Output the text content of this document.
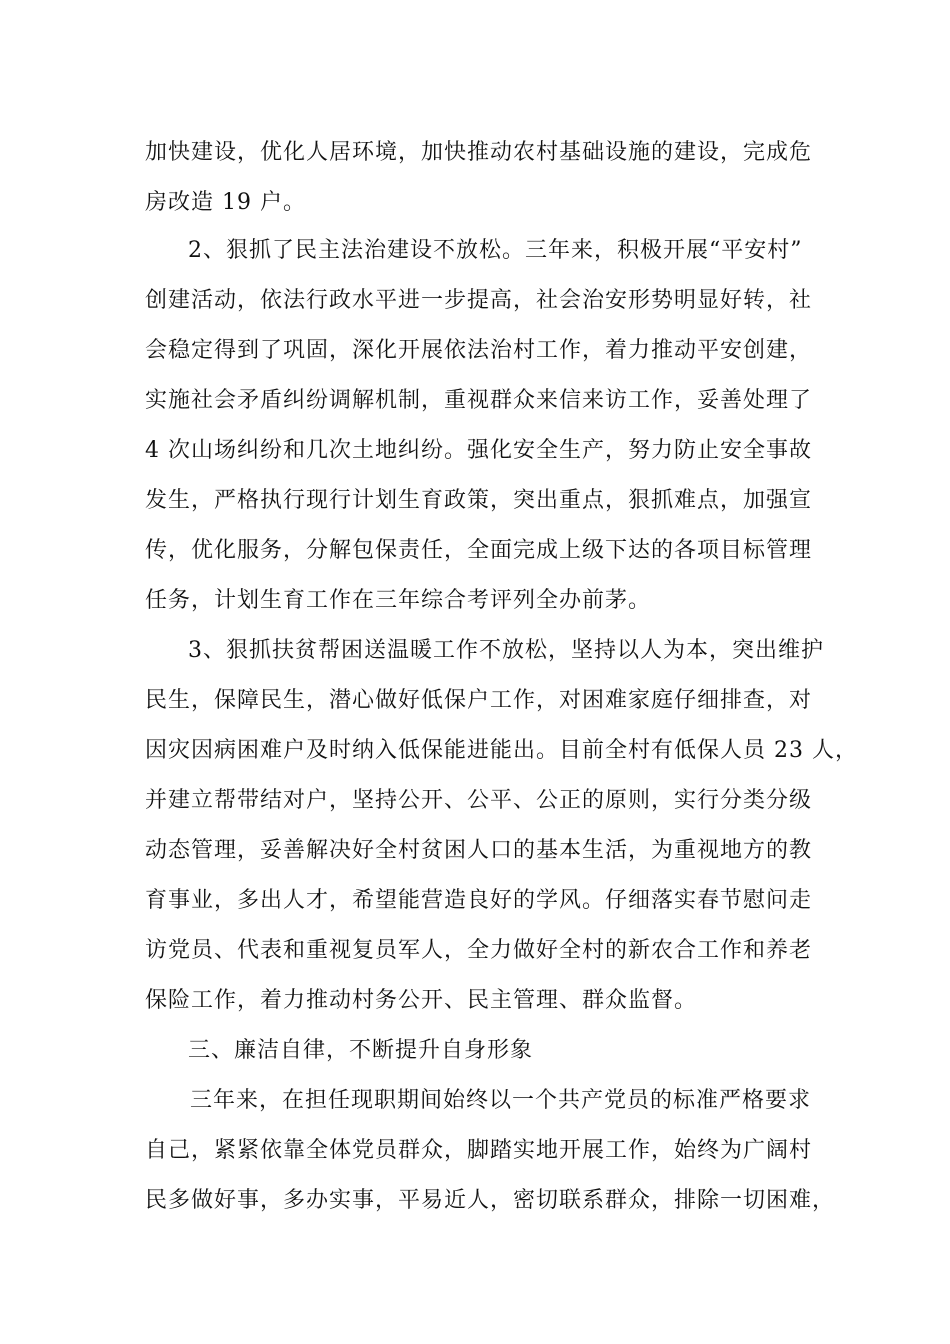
加快建设，优化人居环境，加快推动农村基础设施的建设，完成危
房改造 19 户。
2、狠抓了民主法治建设不放松。三年来，积极开展“平安村”
创建活动，依法行政水平进一步提高，社会治安形势明显好转，社
会稳定得到了巩固，深化开展依法治村工作，着力推动平安创建，
实施社会矛盾纠纷调解机制，重视群众来信来访工作，妥善处理了
4 次山场纠纷和几次土地纠纷。强化安全生产，努力防止安全事故
发生，严格执行现行计划生育政策，突出重点，狠抓难点，加强宣
传，优化服务，分解包保责任，全面完成上级下达的各项目标管理
任务，计划生育工作在三年综合考评列全办前茅。
3、狠抓扶贫帮困送温暖工作不放松，坚持以人为本，突出维护
民生，保障民生，潜心做好低保户工作，对困难家庭仔细排查，对
因灾因病困难户及时纳入低保能进能出。目前全村有低保人员 23 人，
并建立帮带结对户，坚持公开、公平、公正的原则，实行分类分级
动态管理，妥善解决好全村贫困人口的基本生活，为重视地方的教
育事业，多出人才，希望能营造良好的学风。仔细落实春节慰问走
访党员、代表和重视复员军人，全力做好全村的新农合工作和养老
保险工作，着力推动村务公开、民主管理、群众监督。
三、廉洁自律，不断提升自身形象
三年来，在担任现职期间始终以一个共产党员的标准严格要求
自己，紧紧依靠全体党员群众，脚踏实地开展工作，始终为广阔村
民多做好事，多办实事，平易近人，密切联系群众，排除一切困难，
